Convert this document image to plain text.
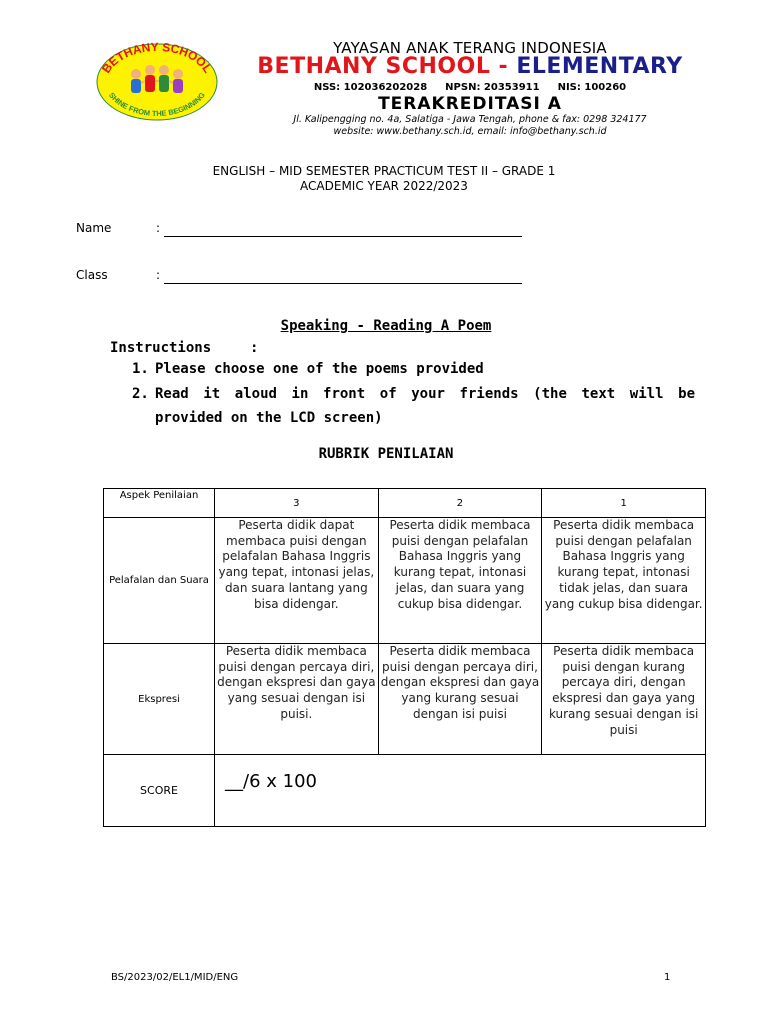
BETHANY SCHOOL
SHINE FROM THE BEGINNING
YAYASAN ANAK TERANG INDONESIA
BETHANY SCHOOL - ELEMENTARY
NSS: 102036202028 NPSN: 20353911 NIS: 100260
TERAKREDITASI A
Jl. Kalipengging no. 4a, Salatiga - Jawa Tengah, phone & fax: 0298 324177
website: www.bethany.sch.id, email: info@bethany.sch.id
ENGLISH – MID SEMESTER PRACTICUM TEST II – GRADE 1
ACADEMIC YEAR 2022/2023
Name	:
Class	:
Speaking - Reading A Poem
Instructions	:
1. Please choose one of the poems provided
2. Read it aloud in front of your friends (the text will be
provided on the LCD screen)
RUBRIK PENILAIAN
Aspek Penilaian	3	2	1
Pelafalan dan Suara	Peserta didik dapat membaca puisi dengan pelafalan Bahasa Inggris yang tepat, intonasi jelas, dan suara lantang yang bisa didengar.	Peserta didik membaca puisi dengan pelafalan Bahasa Inggris yang kurang tepat, intonasi jelas, dan suara yang cukup bisa didengar.	Peserta didik membaca puisi dengan pelafalan Bahasa Inggris yang kurang tepat, intonasi tidak jelas, dan suara yang cukup bisa didengar.
Ekspresi	Peserta didik membaca puisi dengan percaya diri, dengan ekspresi dan gaya yang sesuai dengan isi puisi.	Peserta didik membaca puisi dengan percaya diri, dengan ekspresi dan gaya yang kurang sesuai dengan isi puisi	Peserta didik membaca puisi dengan kurang percaya diri, dengan ekspresi dan gaya yang kurang sesuai dengan isi puisi
SCORE	__/6 x 100		
BS/2023/02/EL1/MID/ENG	1
